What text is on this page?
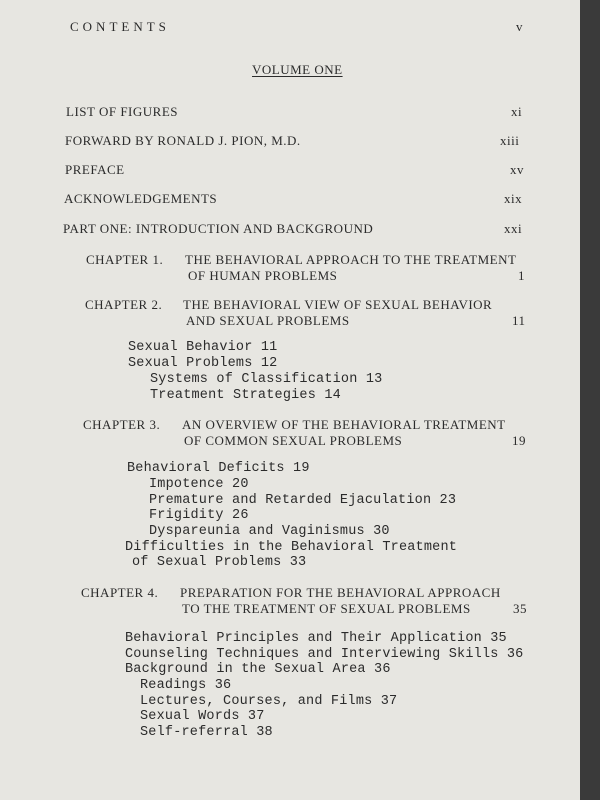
CONTENTS	v
VOLUME ONE
LIST OF FIGURES	xi
FORWARD BY RONALD J. PION, M.D.	xiii
PREFACE	xv
ACKNOWLEDGEMENTS	xix
PART ONE: INTRODUCTION AND BACKGROUND	xxi
CHAPTER 1. THE BEHAVIORAL APPROACH TO THE TREATMENT
OF HUMAN PROBLEMS	1
CHAPTER 2. THE BEHAVIORAL VIEW OF SEXUAL BEHAVIOR
AND SEXUAL PROBLEMS	11
Sexual Behavior 11
Sexual Problems 12
Systems of Classification 13
Treatment Strategies 14
CHAPTER 3. AN OVERVIEW OF THE BEHAVIORAL TREATMENT
OF COMMON SEXUAL PROBLEMS	19
Behavioral Deficits 19
Impotence 20
Premature and Retarded Ejaculation 23
Frigidity 26
Dyspareunia and Vaginismus 30
Difficulties in the Behavioral Treatment
of Sexual Problems 33
CHAPTER 4. PREPARATION FOR THE BEHAVIORAL APPROACH
TO THE TREATMENT OF SEXUAL PROBLEMS	35
Behavioral Principles and Their Application 35
Counseling Techniques and Interviewing Skills 36
Background in the Sexual Area 36
Readings 36
Lectures, Courses, and Films 37
Sexual Words 37
Self-referral 38
